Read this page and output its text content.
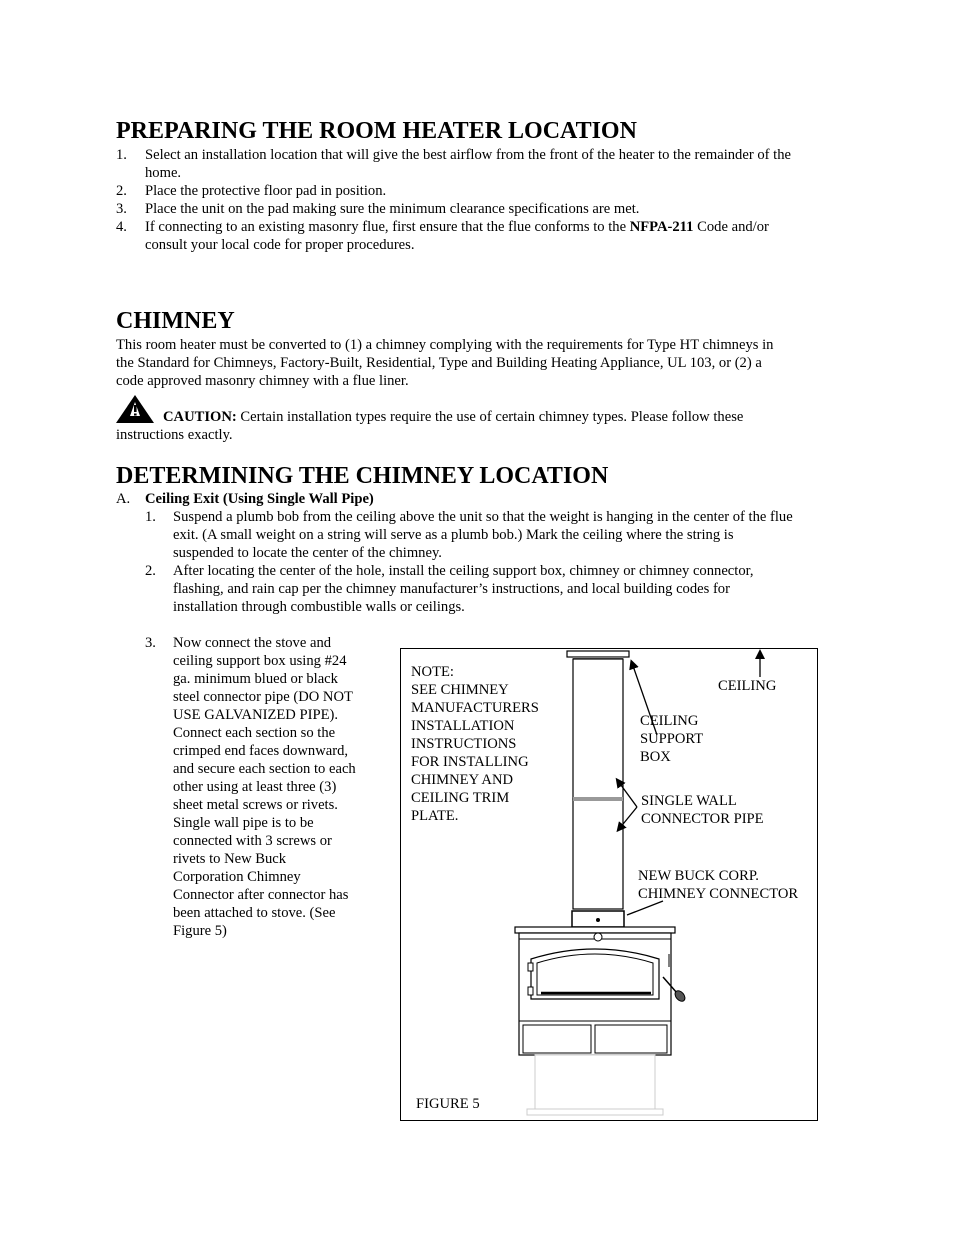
PREPARING THE ROOM HEATER LOCATION
1. Select an installation location that will give the best airflow from the front of the heater to the remainder of the
home.
2. Place the protective floor pad in position.
3. Place the unit on the pad making sure the minimum clearance specifications are met.
4. If connecting to an existing masonry flue, first ensure that the flue conforms to the NFPA-211 Code and/or
consult your local code for proper procedures.
CHIMNEY
This room heater must be converted to (1) a chimney complying with the requirements for Type HT chimneys in
the Standard for Chimneys, Factory-Built, Residential, Type and Building Heating Appliance, UL 103, or (2) a
code approved masonry chimney with a flue liner.
CAUTION: Certain installation types require the use of certain chimney types. Please follow these
instructions exactly.
DETERMINING THE CHIMNEY LOCATION
A. Ceiling Exit (Using Single Wall Pipe)
1. Suspend a plumb bob from the ceiling above the unit so that the weight is hanging in the center of the flue
exit. (A small weight on a string will serve as a plumb bob.) Mark the ceiling where the string is
suspended to locate the center of the chimney.
2. After locating the center of the hole, install the ceiling support box, chimney or chimney connector,
flashing, and rain cap per the chimney manufacturer’s instructions, and local building codes for
installation through combustible walls or ceilings.
3. Now connect the stove and
ceiling support box using #24
ga. minimum blued or black
steel connector pipe (DO NOT
USE GALVANIZED PIPE).
Connect each section so the
crimped end faces downward,
and secure each section to each
other using at least three (3)
sheet metal screws or rivets.
Single wall pipe is to be
connected with 3 screws or
rivets to New Buck
Corporation Chimney
Connector after connector has
been attached to stove. (See
Figure 5)
NOTE:
SEE CHIMNEY
MANUFACTURERS
INSTALLATION
INSTRUCTIONS
FOR INSTALLING
CHIMNEY AND
CEILING TRIM
PLATE.
CEILING
CEILING
SUPPORT
BOX
SINGLE WALL
CONNECTOR PIPE
NEW BUCK CORP.
CHIMNEY CONNECTOR
FIGURE 5
